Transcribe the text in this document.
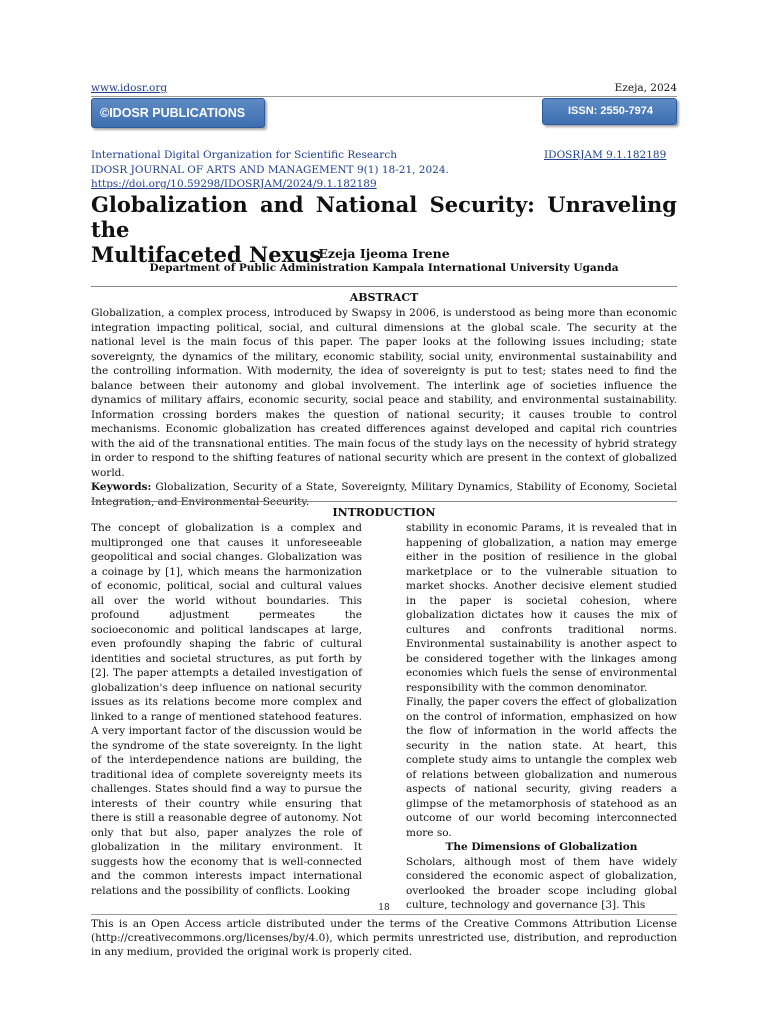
www.idosr.org	Ezeja, 2024
©IDOSR PUBLICATIONS	ISSN: 2550-7974
International Digital Organization for Scientific Research	IDOSRJAM 9.1.182189
IDOSR JOURNAL OF ARTS AND MANAGEMENT 9(1) 18-21, 2024.
https://doi.org/10.59298/IDOSRJAM/2024/9.1.182189
Globalization and National Security: Unraveling the
Multifaceted Nexus
Ezeja Ijeoma Irene
Department of Public Administration Kampala International University Uganda
ABSTRACT

Globalization, a complex process, introduced by Swapsy in 2006, is understood as being more than economic integration impacting political, social, and cultural dimensions at the global scale. The security at the national level is the main focus of this paper. The paper looks at the following issues including; state sovereignty, the dynamics of the military, economic stability, social unity, environmental sustainability and the controlling information. With modernity, the idea of sovereignty is put to test; states need to find the balance between their autonomy and global involvement. The interlink age of societies influence the dynamics of military affairs, economic security, social peace and stability, and environmental sustainability. Information crossing borders makes the question of national security; it causes trouble to control mechanisms. Economic globalization has created differences against developed and capital rich countries with the aid of the transnational entities. The main focus of the study lays on the necessity of hybrid strategy in order to respond to the shifting features of national security which are present in the context of globalized world.

Keywords: Globalization, Security of a State, Sovereignty, Military Dynamics, Stability of Economy, Societal Integration, and Environmental Security.

INTRODUCTION

The concept of globalization is a complex and multipronged one that causes it unforeseeable geopolitical and social changes. Globalization was a coinage by [1], which means the harmonization of economic, political, social and cultural values all over the world without boundaries. This profound adjustment permeates the socioeconomic and political landscapes at large, even profoundly shaping the fabric of cultural identities and societal structures, as put forth by [2]. The paper attempts a detailed investigation of globalization's deep influence on national security issues as its relations become more complex and linked to a range of mentioned statehood features. A very important factor of the discussion would be the syndrome of the state sovereignty. In the light of the interdependence nations are building, the traditional idea of complete sovereignty meets its challenges. States should find a way to pursue the interests of their country while ensuring that there is still a reasonable degree of autonomy. Not only that but also, paper analyzes the role of globalization in the military environment. It suggests how the economy that is well-connected and the common interests impact international relations and the possibility of conflicts. Looking

stability in economic Params, it is revealed that in happening of globalization, a nation may emerge either in the position of resilience in the global marketplace or to the vulnerable situation to market shocks. Another decisive element studied in the paper is societal cohesion, where globalization dictates how it causes the mix of cultures and confronts traditional norms. Environmental sustainability is another aspect to be considered together with the linkages among economies which fuels the sense of environmental responsibility with the common denominator.

Finally, the paper covers the effect of globalization on the control of information, emphasized on how the flow of information in the world affects the security in the nation state. At heart, this complete study aims to untangle the complex web of relations between globalization and numerous aspects of national security, giving readers a glimpse of the metamorphosis of statehood as an outcome of our world becoming interconnected more so.

The Dimensions of Globalization

Scholars, although most of them have widely considered the economic aspect of globalization, overlooked the broader scope including global culture, technology and governance [3]. This

18

This is an Open Access article distributed under the terms of the Creative Commons Attribution License (http://creativecommons.org/licenses/by/4.0), which permits unrestricted use, distribution, and reproduction in any medium, provided the original work is properly cited.
